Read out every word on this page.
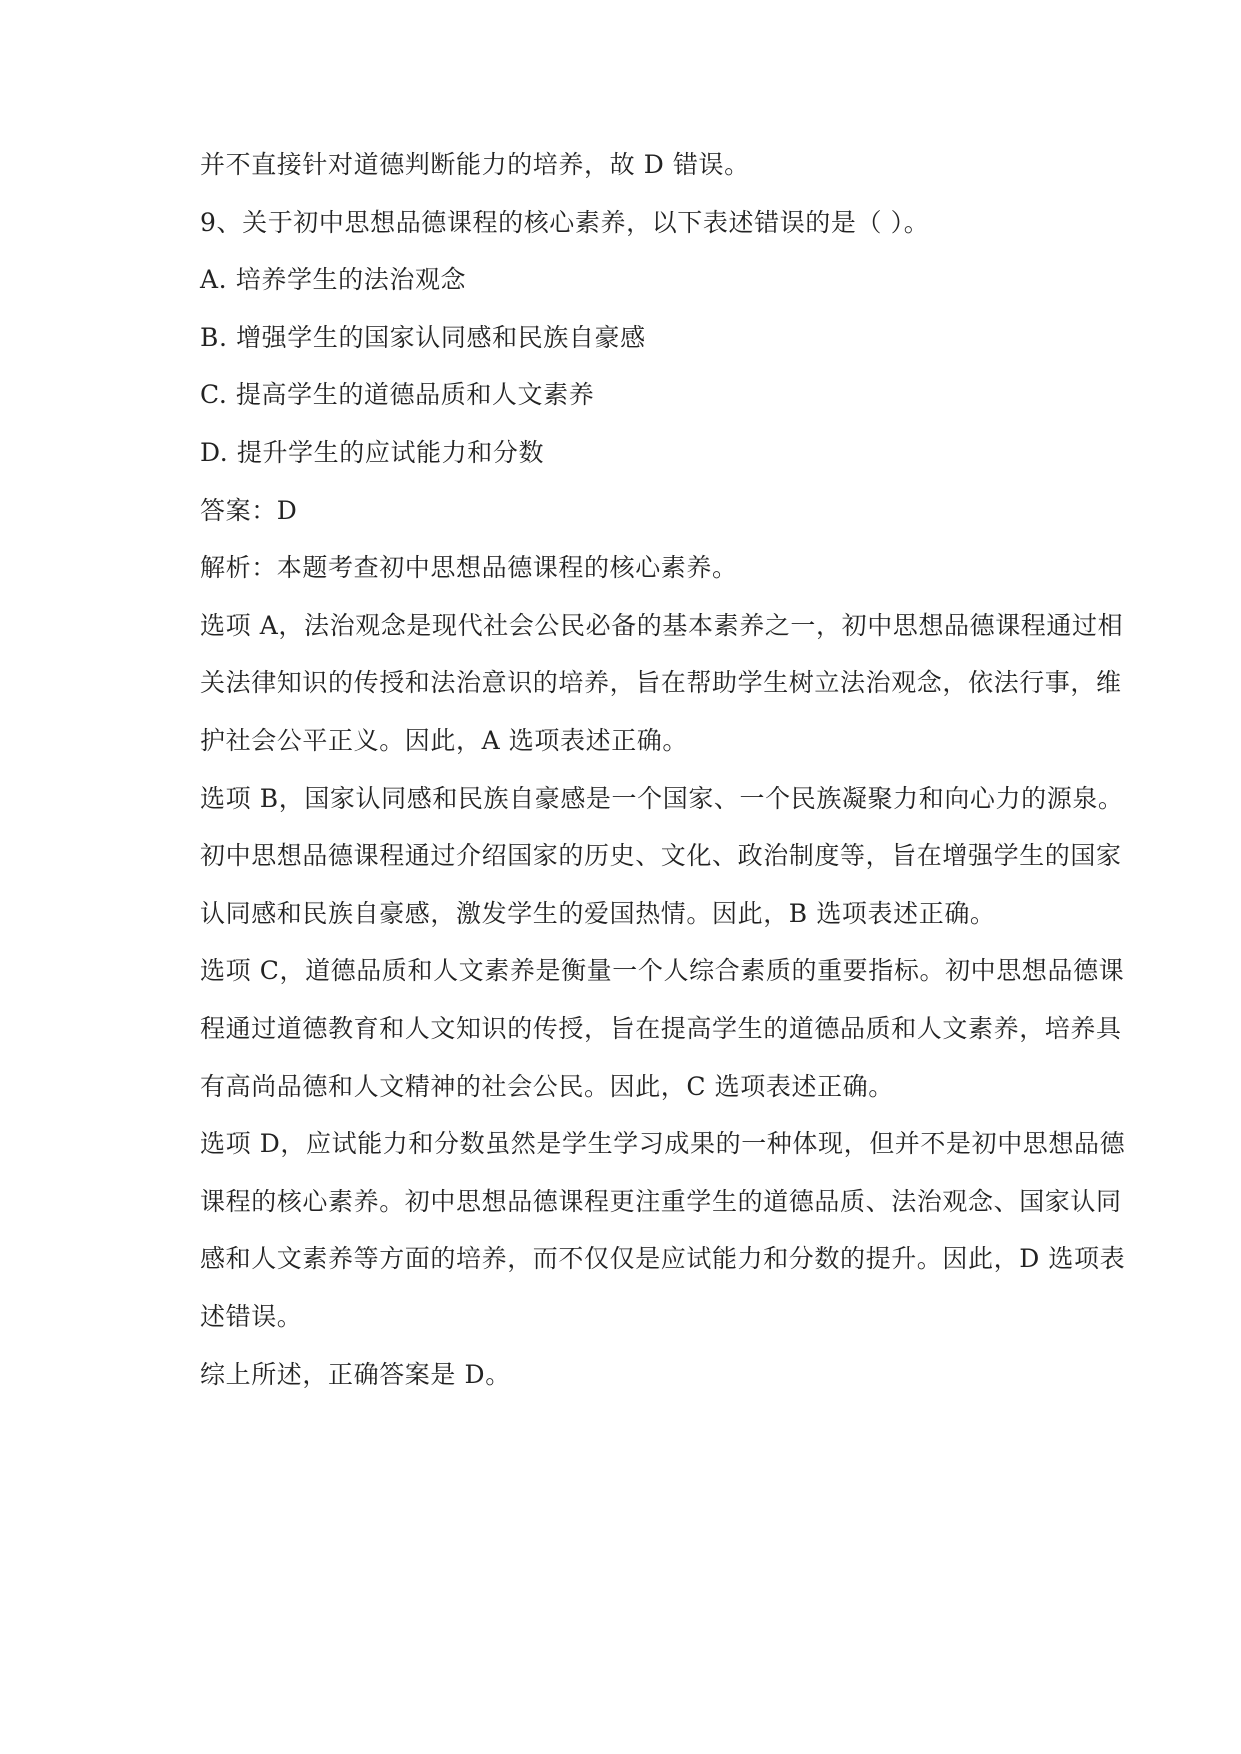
并不直接针对道德判断能力的培养，故 D 错误。
9、关于初中思想品德课程的核心素养，以下表述错误的是（ ）。
A. 培养学生的法治观念
B. 增强学生的国家认同感和民族自豪感
C. 提高学生的道德品质和人文素养
D. 提升学生的应试能力和分数
答案：D
解析：本题考查初中思想品德课程的核心素养。
选项 A，法治观念是现代社会公民必备的基本素养之一，初中思想品德课程通过相
关法律知识的传授和法治意识的培养，旨在帮助学生树立法治观念，依法行事，维
护社会公平正义。因此，A 选项表述正确。
选项 B，国家认同感和民族自豪感是一个国家、一个民族凝聚力和向心力的源泉。
初中思想品德课程通过介绍国家的历史、文化、政治制度等，旨在增强学生的国家
认同感和民族自豪感，激发学生的爱国热情。因此，B 选项表述正确。
选项 C，道德品质和人文素养是衡量一个人综合素质的重要指标。初中思想品德课
程通过道德教育和人文知识的传授，旨在提高学生的道德品质和人文素养，培养具
有高尚品德和人文精神的社会公民。因此，C 选项表述正确。
选项 D，应试能力和分数虽然是学生学习成果的一种体现，但并不是初中思想品德
课程的核心素养。初中思想品德课程更注重学生的道德品质、法治观念、国家认同
感和人文素养等方面的培养，而不仅仅是应试能力和分数的提升。因此，D 选项表
述错误。
综上所述，正确答案是 D。
